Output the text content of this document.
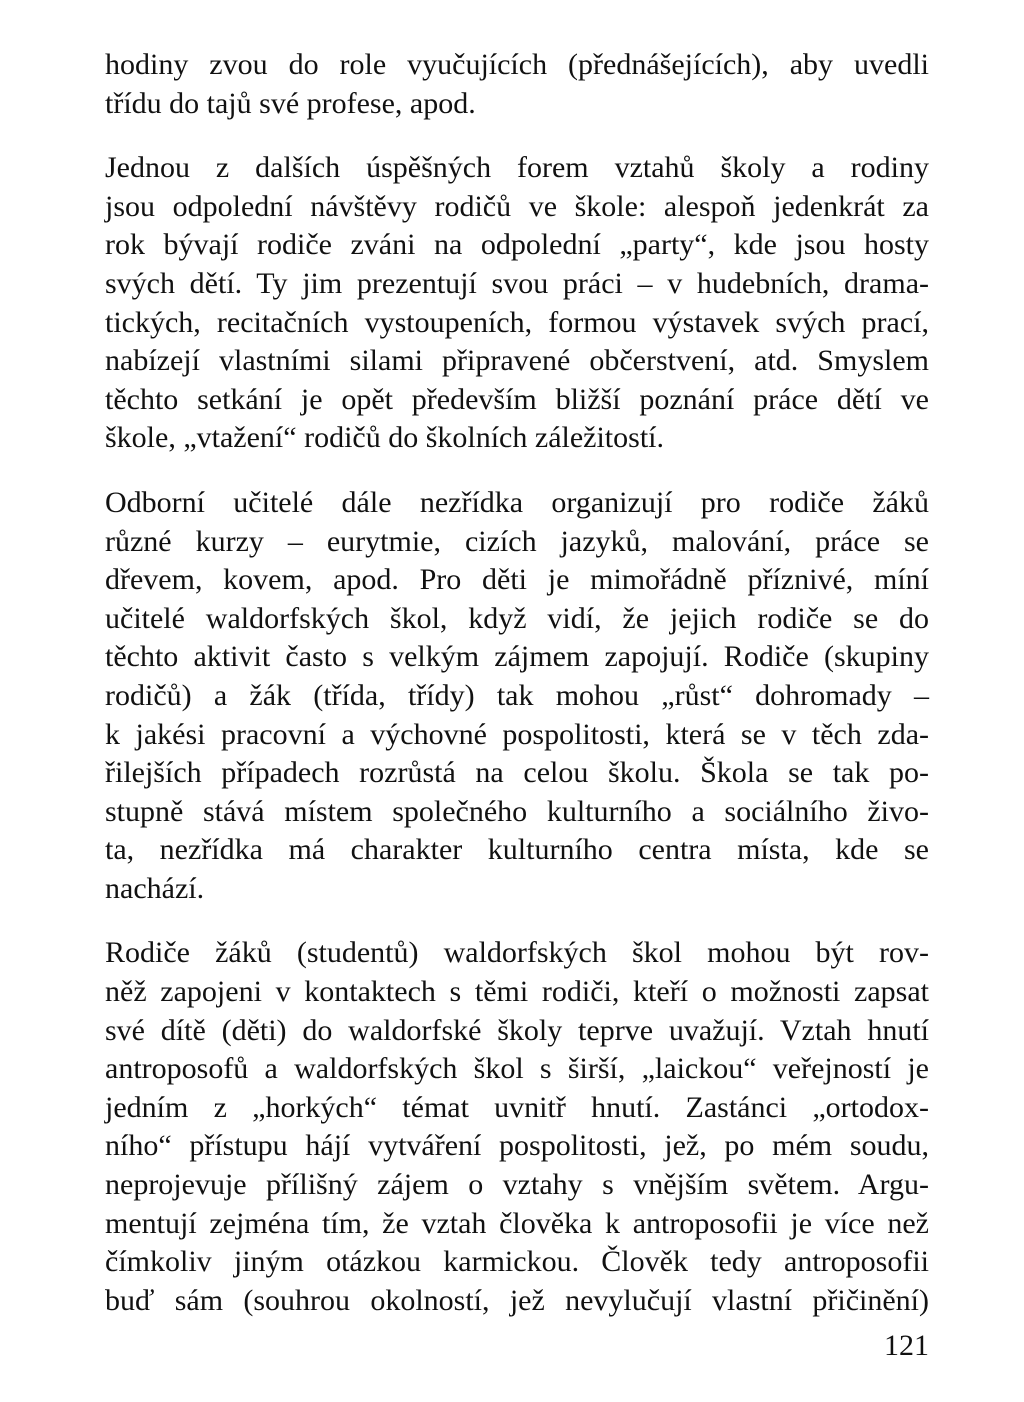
hodiny zvou do role vyučujících (přednášejících), aby uvedli
třídu do tajů své profese, apod.

Jednou z dalších úspěšných forem vztahů školy a rodiny
jsou odpolední návštěvy rodičů ve škole: alespoň jedenkrát za
rok bývají rodiče zváni na odpolední „party“, kde jsou hosty
svých dětí. Ty jim prezentují svou práci – v hudebních, drama-
tických, recitačních vystoupeních, formou výstavek svých prací,
nabízejí vlastními silami připravené občerstvení, atd. Smyslem
těchto setkání je opět především bližší poznání práce dětí ve
škole, „vtažení“ rodičů do školních záležitostí.

Odborní učitelé dále nezřídka organizují pro rodiče žáků
různé kurzy – eurytmie, cizích jazyků, malování, práce se
dřevem, kovem, apod. Pro děti je mimořádně příznivé, míní
učitelé waldorfských škol, když vidí, že jejich rodiče se do
těchto aktivit často s velkým zájmem zapojují. Rodiče (skupiny
rodičů) a žák (třída, třídy) tak mohou „růst“ dohromady –
k jakési pracovní a výchovné pospolitosti, která se v těch zda-
řilejších případech rozrůstá na celou školu. Škola se tak po-
stupně stává místem společného kulturního a sociálního živo-
ta, nezřídka má charakter kulturního centra místa, kde se
nachází.

Rodiče žáků (studentů) waldorfských škol mohou být rov-
něž zapojeni v kontaktech s těmi rodiči, kteří o možnosti zapsat
své dítě (děti) do waldorfské školy teprve uvažují. Vztah hnutí
antroposofů a waldorfských škol s širší, „laickou“ veřejností je
jedním z „horkých“ témat uvnitř hnutí. Zastánci „ortodox-
ního“ přístupu hájí vytváření pospolitosti, jež, po mém soudu,
neprojevuje přílišný zájem o vztahy s vnějším světem. Argu-
mentují zejména tím, že vztah člověka k antroposofii je více než
čímkoliv jiným otázkou karmickou. Člověk tedy antroposofii
buď sám (souhrou okolností, jež nevylučují vlastní přičinění)

121
